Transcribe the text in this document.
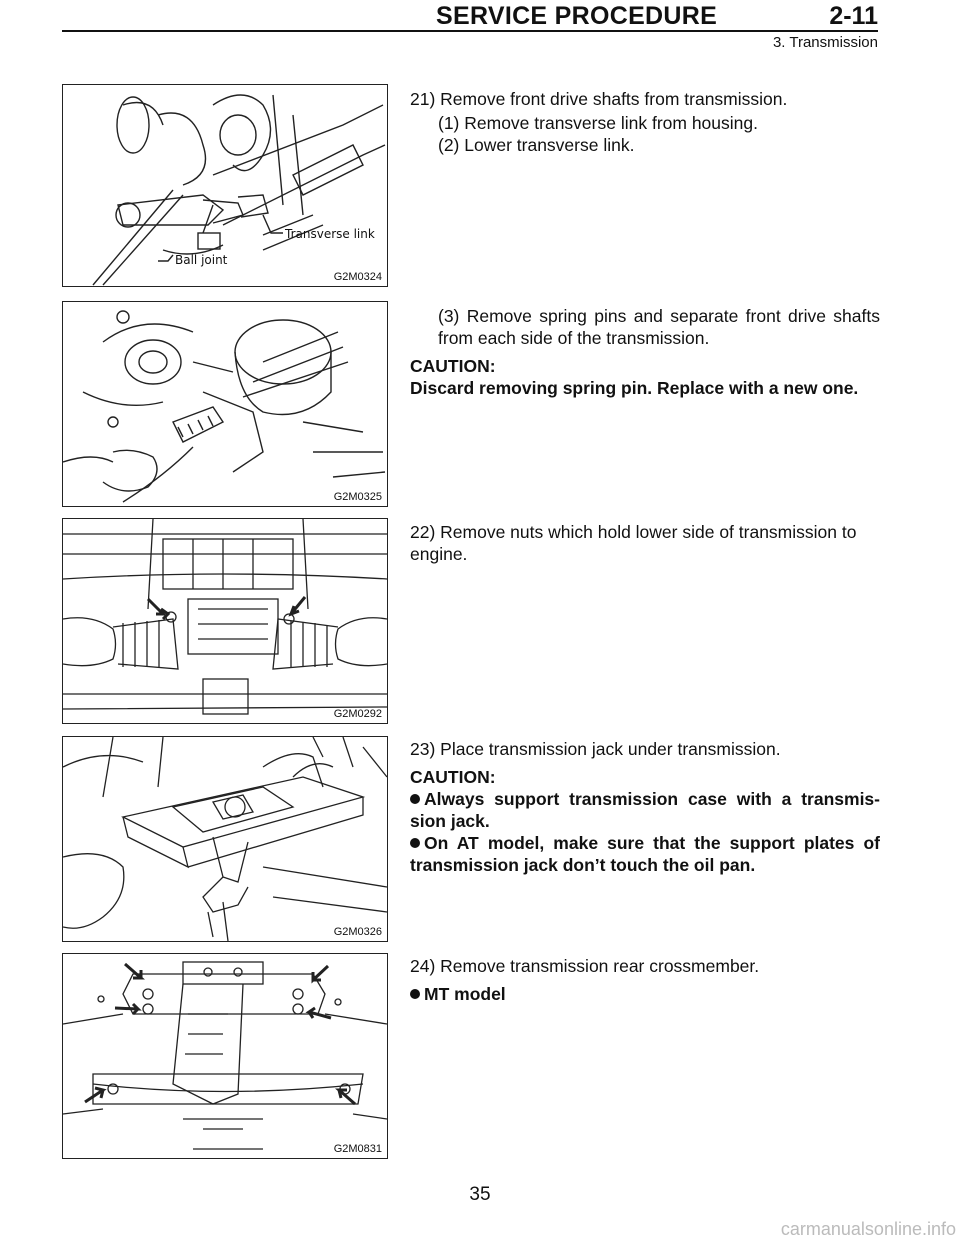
SERVICE PROCEDURE	2-11
3. Transmission
Transverse link
Ball joint
G2M0324
G2M0325
G2M0292
G2M0326
G2M0831

21) Remove front drive shafts from transmission.

(1) Remove transverse link from housing.

(2) Lower transverse link.

(3) Remove spring pins and separate front drive shafts from each side of the transmission.

CAUTION:

Discard removing spring pin. Replace with a new one.

22) Remove nuts which hold lower side of transmission to engine.

23) Place transmission jack under transmission.

CAUTION:

Always support transmission case with a transmis-sion jack.

On AT model, make sure that the support plates of transmission jack don’t touch the oil pan.

24) Remove transmission rear crossmember.

MT model

35
carmanualsonline.info
